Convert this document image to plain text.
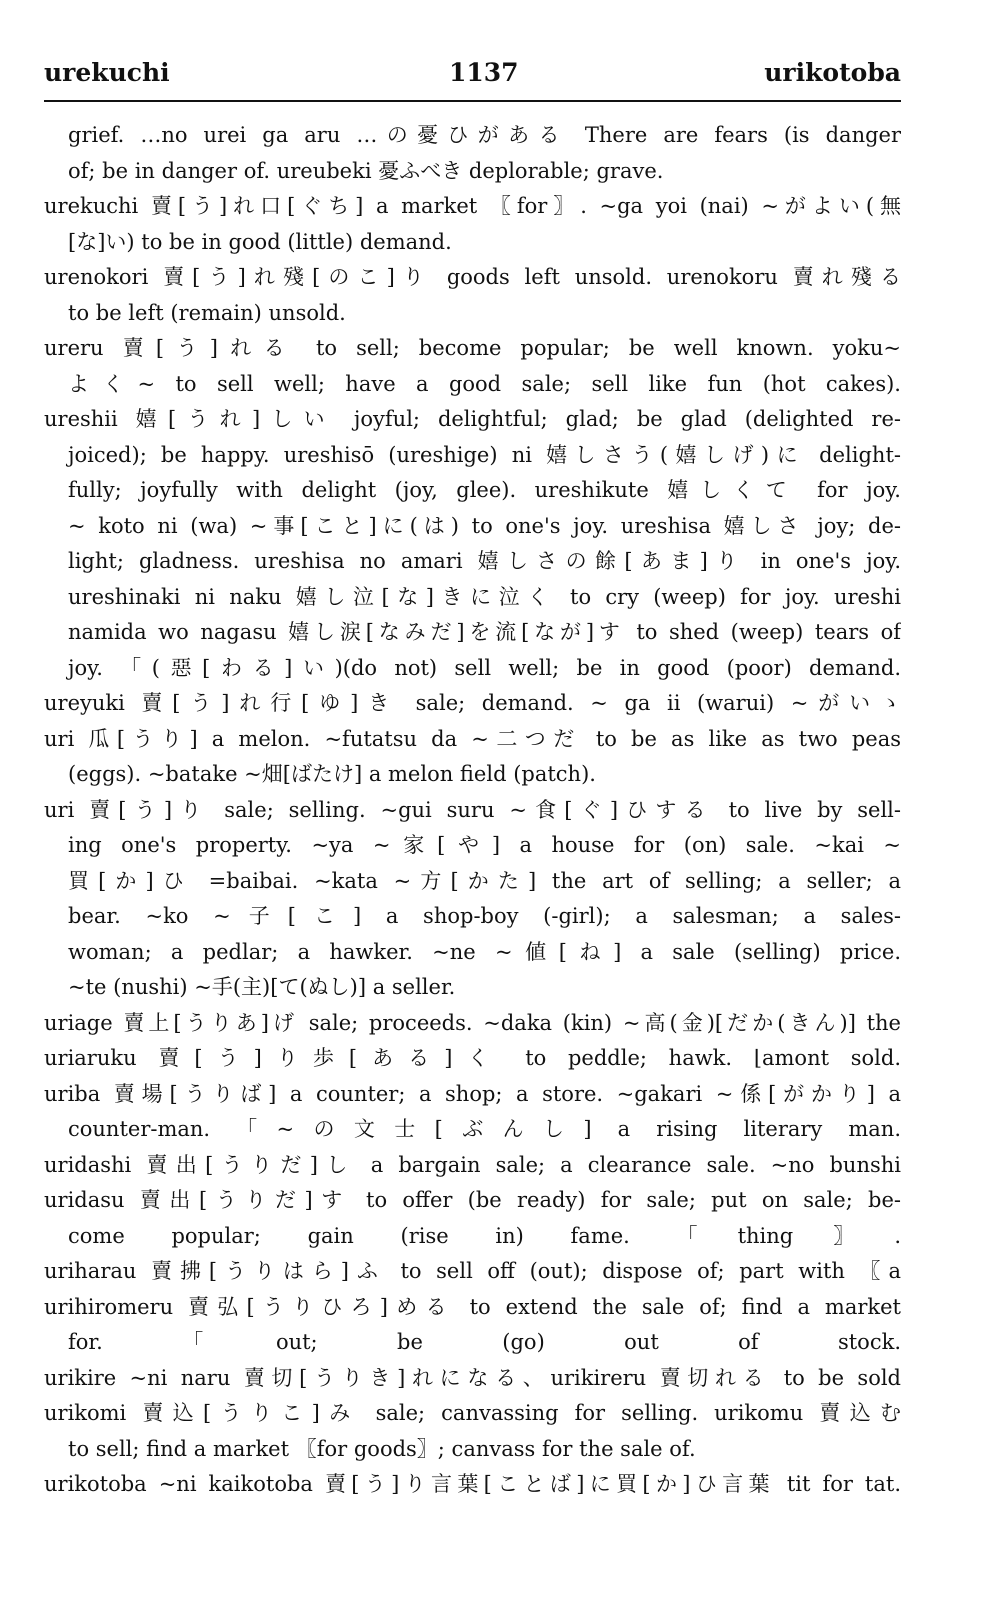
urekuchi	1137	urikotoba
grief. …no urei ga aru …の憂ひがある There are fears (is danger
of; be in danger of. ureubeki 憂ふべき deplorable; grave.
urekuchi 賣[う]れ口[ぐち] a market 〖for〗. ~ga yoi (nai) ~がよい(無
[な]い) to be in good (little) demand.
urenokori 賣[う]れ殘[のこ]り goods left unsold. urenokoru 賣れ殘る
to be left (remain) unsold.
ureru 賣[う]れる to sell; become popular; be well known. yoku~
よく~ to sell well; have a good sale; sell like fun (hot cakes).
ureshii 嬉[うれ]しい joyful; delightful; glad; be glad (delighted re-
joiced); be happy. ureshisō (ureshige) ni 嬉しさう(嬉しげ)に delight-
fully; joyfully with delight (joy, glee). ureshikute 嬉しくて for joy.
~ koto ni (wa) ~事[こと]に(は) to one's joy. ureshisa 嬉しさ joy; de-
light; gladness. ureshisa no amari 嬉しさの餘[あま]り in one's joy.
ureshinaki ni naku 嬉し泣[な]きに泣く to cry (weep) for joy. ureshi
namida wo nagasu 嬉し涙[なみだ]を流[なが]す to shed (weep) tears of
joy. 「(惡[わる]い)(do not) sell well; be in good (poor) demand.
ureyuki 賣[う]れ行[ゆ]き sale; demand. ~ ga ii (warui) ~がいゝ
uri 瓜[うり] a melon. ~futatsu da ~二つだ to be as like as two peas
(eggs). ~batake ~畑[ばたけ] a melon field (patch).
uri 賣[う]り sale; selling. ~gui suru ~食[ぐ]ひする to live by sell-
ing one's property. ~ya ~家[や] a house for (on) sale. ~kai ~
買[か]ひ =baibai. ~kata ~方[かた] the art of selling; a seller; a
bear. ~ko ~子[こ] a shop-boy (-girl); a salesman; a sales-
woman; a pedlar; a hawker. ~ne ~値[ね] a sale (selling) price.
~te (nushi) ~手(主)[て(ぬし)] a seller.
uriage 賣上[うりあ]げ sale; proceeds. ~daka (kin) ~高(金)[だか(きん)] the
uriaruku 賣[う]り歩[ある]く to peddle; hawk. ⌊amont sold.
uriba 賣場[うりば] a counter; a shop; a store. ~gakari ~係[がかり] a
counter-man. 「~の文士[ぶんし] a rising literary man.
uridashi 賣出[うりだ]し a bargain sale; a clearance sale. ~no bunshi
uridasu 賣出[うりだ]す to offer (be ready) for sale; put on sale; be-
come popular; gain (rise in) fame. 「thing〗.
uriharau 賣拂[うりはら]ふ to sell off (out); dispose of; part with 〖a
urihiromeru 賣弘[うりひろ]める to extend the sale of; find a market
for. 「out; be (go) out of stock.
urikire ~ni naru 賣切[うりき]れになる、urikireru 賣切れる to be sold
urikomi 賣込[うりこ]み sale; canvassing for selling. urikomu 賣込む
to sell; find a market 〖for goods〗; canvass for the sale of.
urikotoba ~ni kaikotoba 賣[う]り言葉[ことば]に買[か]ひ言葉 tit for tat.
